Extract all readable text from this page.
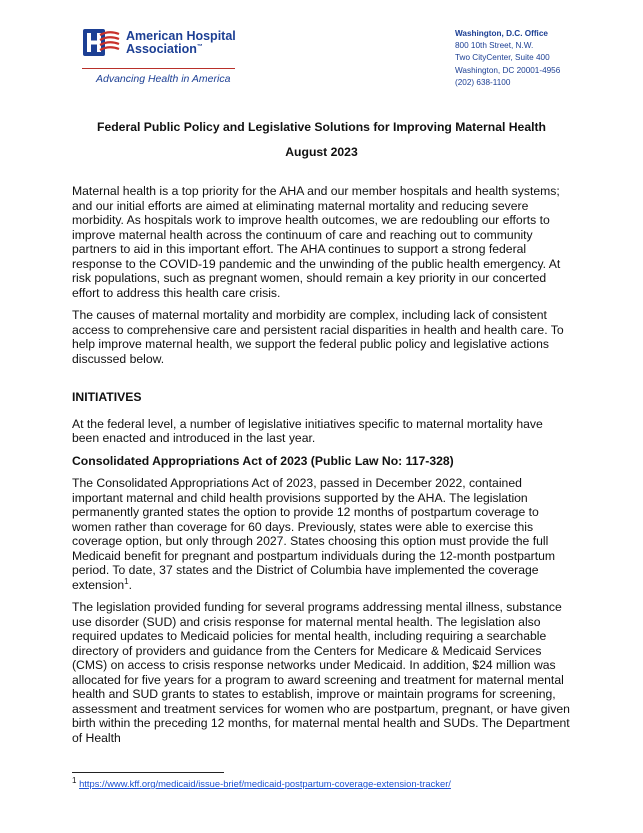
American Hospital
Association™
Advancing Health in America
Washington, D.C. Office
800 10th Street, N.W.
Two CityCenter, Suite 400
Washington, DC 20001-4956
(202) 638-1100
Federal Public Policy and Legislative Solutions for Improving Maternal Health
August 2023

Maternal health is a top priority for the AHA and our member hospitals and health systems; and our initial efforts are aimed at eliminating maternal mortality and reducing severe morbidity. As hospitals work to improve health outcomes, we are redoubling our efforts to improve maternal health across the continuum of care and reaching out to community partners to aid in this important effort. The AHA continues to support a strong federal response to the COVID-19 pandemic and the unwinding of the public health emergency. At risk populations, such as pregnant women, should remain a key priority in our concerted effort to address this health care crisis.

The causes of maternal mortality and morbidity are complex, including lack of consistent access to comprehensive care and persistent racial disparities in health and health care. To help improve maternal health, we support the federal public policy and legislative actions discussed below.

INITIATIVES

At the federal level, a number of legislative initiatives specific to maternal mortality have been enacted and introduced in the last year.

Consolidated Appropriations Act of 2023 (Public Law No: 117-328)

The Consolidated Appropriations Act of 2023, passed in December 2022, contained important maternal and child health provisions supported by the AHA. The legislation permanently granted states the option to provide 12 months of postpartum coverage to women rather than coverage for 60 days. Previously, states were able to exercise this coverage option, but only through 2027. States choosing this option must provide the full Medicaid benefit for pregnant and postpartum individuals during the 12-month postpartum period. To date, 37 states and the District of Columbia have implemented the coverage extension$^1$.

The legislation provided funding for several programs addressing mental illness, substance use disorder (SUD) and crisis response for maternal mental health. The legislation also required updates to Medicaid policies for mental health, including requiring a searchable directory of providers and guidance from the Centers for Medicare & Medicaid Services (CMS) on access to crisis response networks under Medicaid. In addition, $24 million was allocated for five years for a program to award screening and treatment for maternal mental health and SUD grants to states to establish, improve or maintain programs for screening, assessment and treatment services for women who are postpartum, pregnant, or have given birth within the preceding 12 months, for maternal mental health and SUDs. The Department of Health

$^1$ https://www.kff.org/medicaid/issue-brief/medicaid-postpartum-coverage-extension-tracker/
